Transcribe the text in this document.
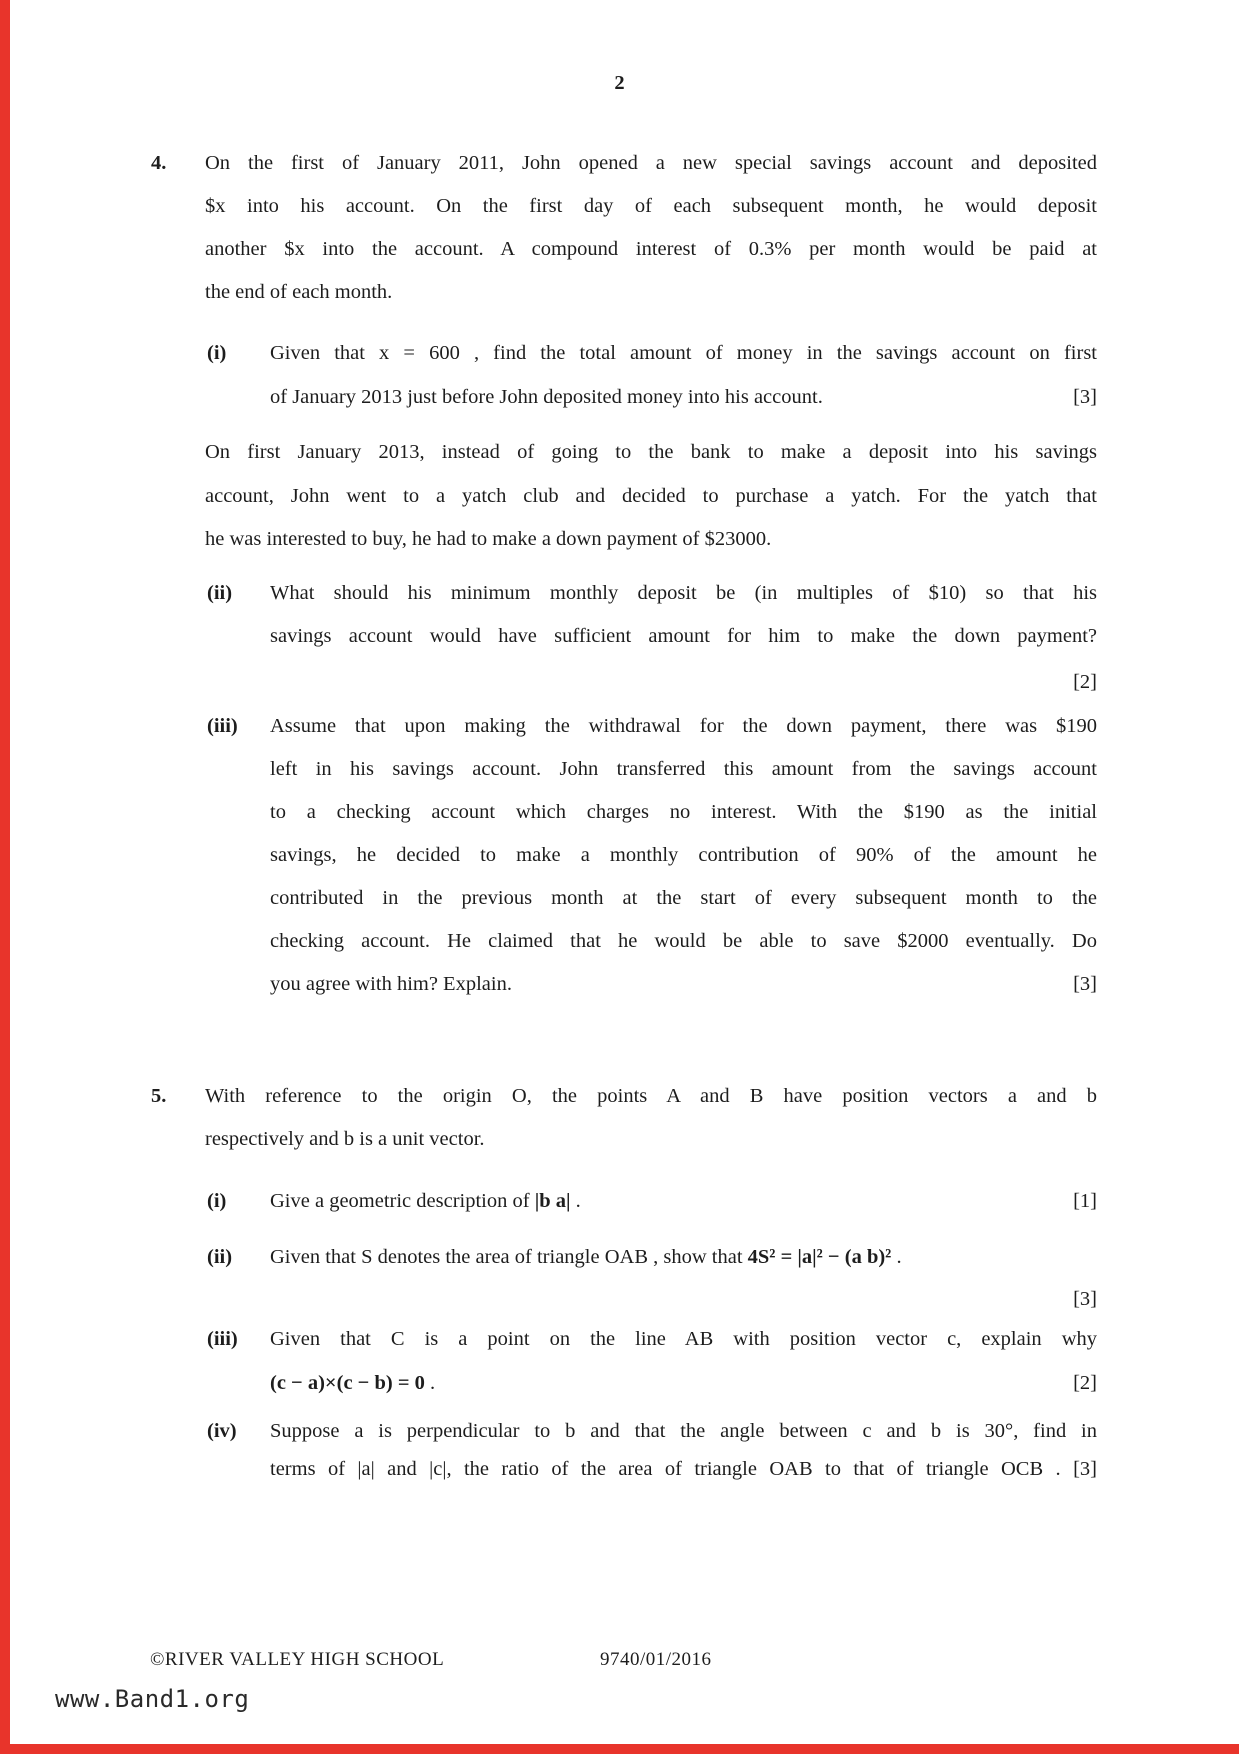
2
4. On the first of January 2011, John opened a new special savings account and deposited
$x into his account. On the first day of each subsequent month, he would deposit
another $x into the account. A compound interest of 0.3% per month would be paid at
the end of each month.
(i) Given that x = 600 , find the total amount of money in the savings account on first
of January 2013 just before John deposited money into his account.	[3]
On first January 2013, instead of going to the bank to make a deposit into his savings
account, John went to a yatch club and decided to purchase a yatch. For the yatch that
he was interested to buy, he had to make a down payment of $23000.
(ii) What should his minimum monthly deposit be (in multiples of $10) so that his
savings account would have sufficient amount for him to make the down payment?
[2]
(iii) Assume that upon making the withdrawal for the down payment, there was $190
left in his savings account. John transferred this amount from the savings account
to a checking account which charges no interest. With the $190 as the initial
savings, he decided to make a monthly contribution of 90% of the amount he
contributed in the previous month at the start of every subsequent month to the
checking account. He claimed that he would be able to save $2000 eventually. Do
you agree with him? Explain.	[3]
5. With reference to the origin O, the points A and B have position vectors a and b
respectively and b is a unit vector.
(i) Give a geometric description of |b a| .	[1]
(ii) Given that S denotes the area of triangle OAB , show that 4S² = |a|² − (a b)² .
[3]
(iii) Given that C is a point on the line AB with position vector c, explain why
(c − a)×(c − b) = 0 .	[2]
(iv) Suppose a is perpendicular to b and that the angle between c and b is 30°, find in
terms of |a| and |c|, the ratio of the area of triangle OAB to that of triangle OCB . [3]
©RIVER VALLEY HIGH SCHOOL	9740/01/2016
www.Band1.org
